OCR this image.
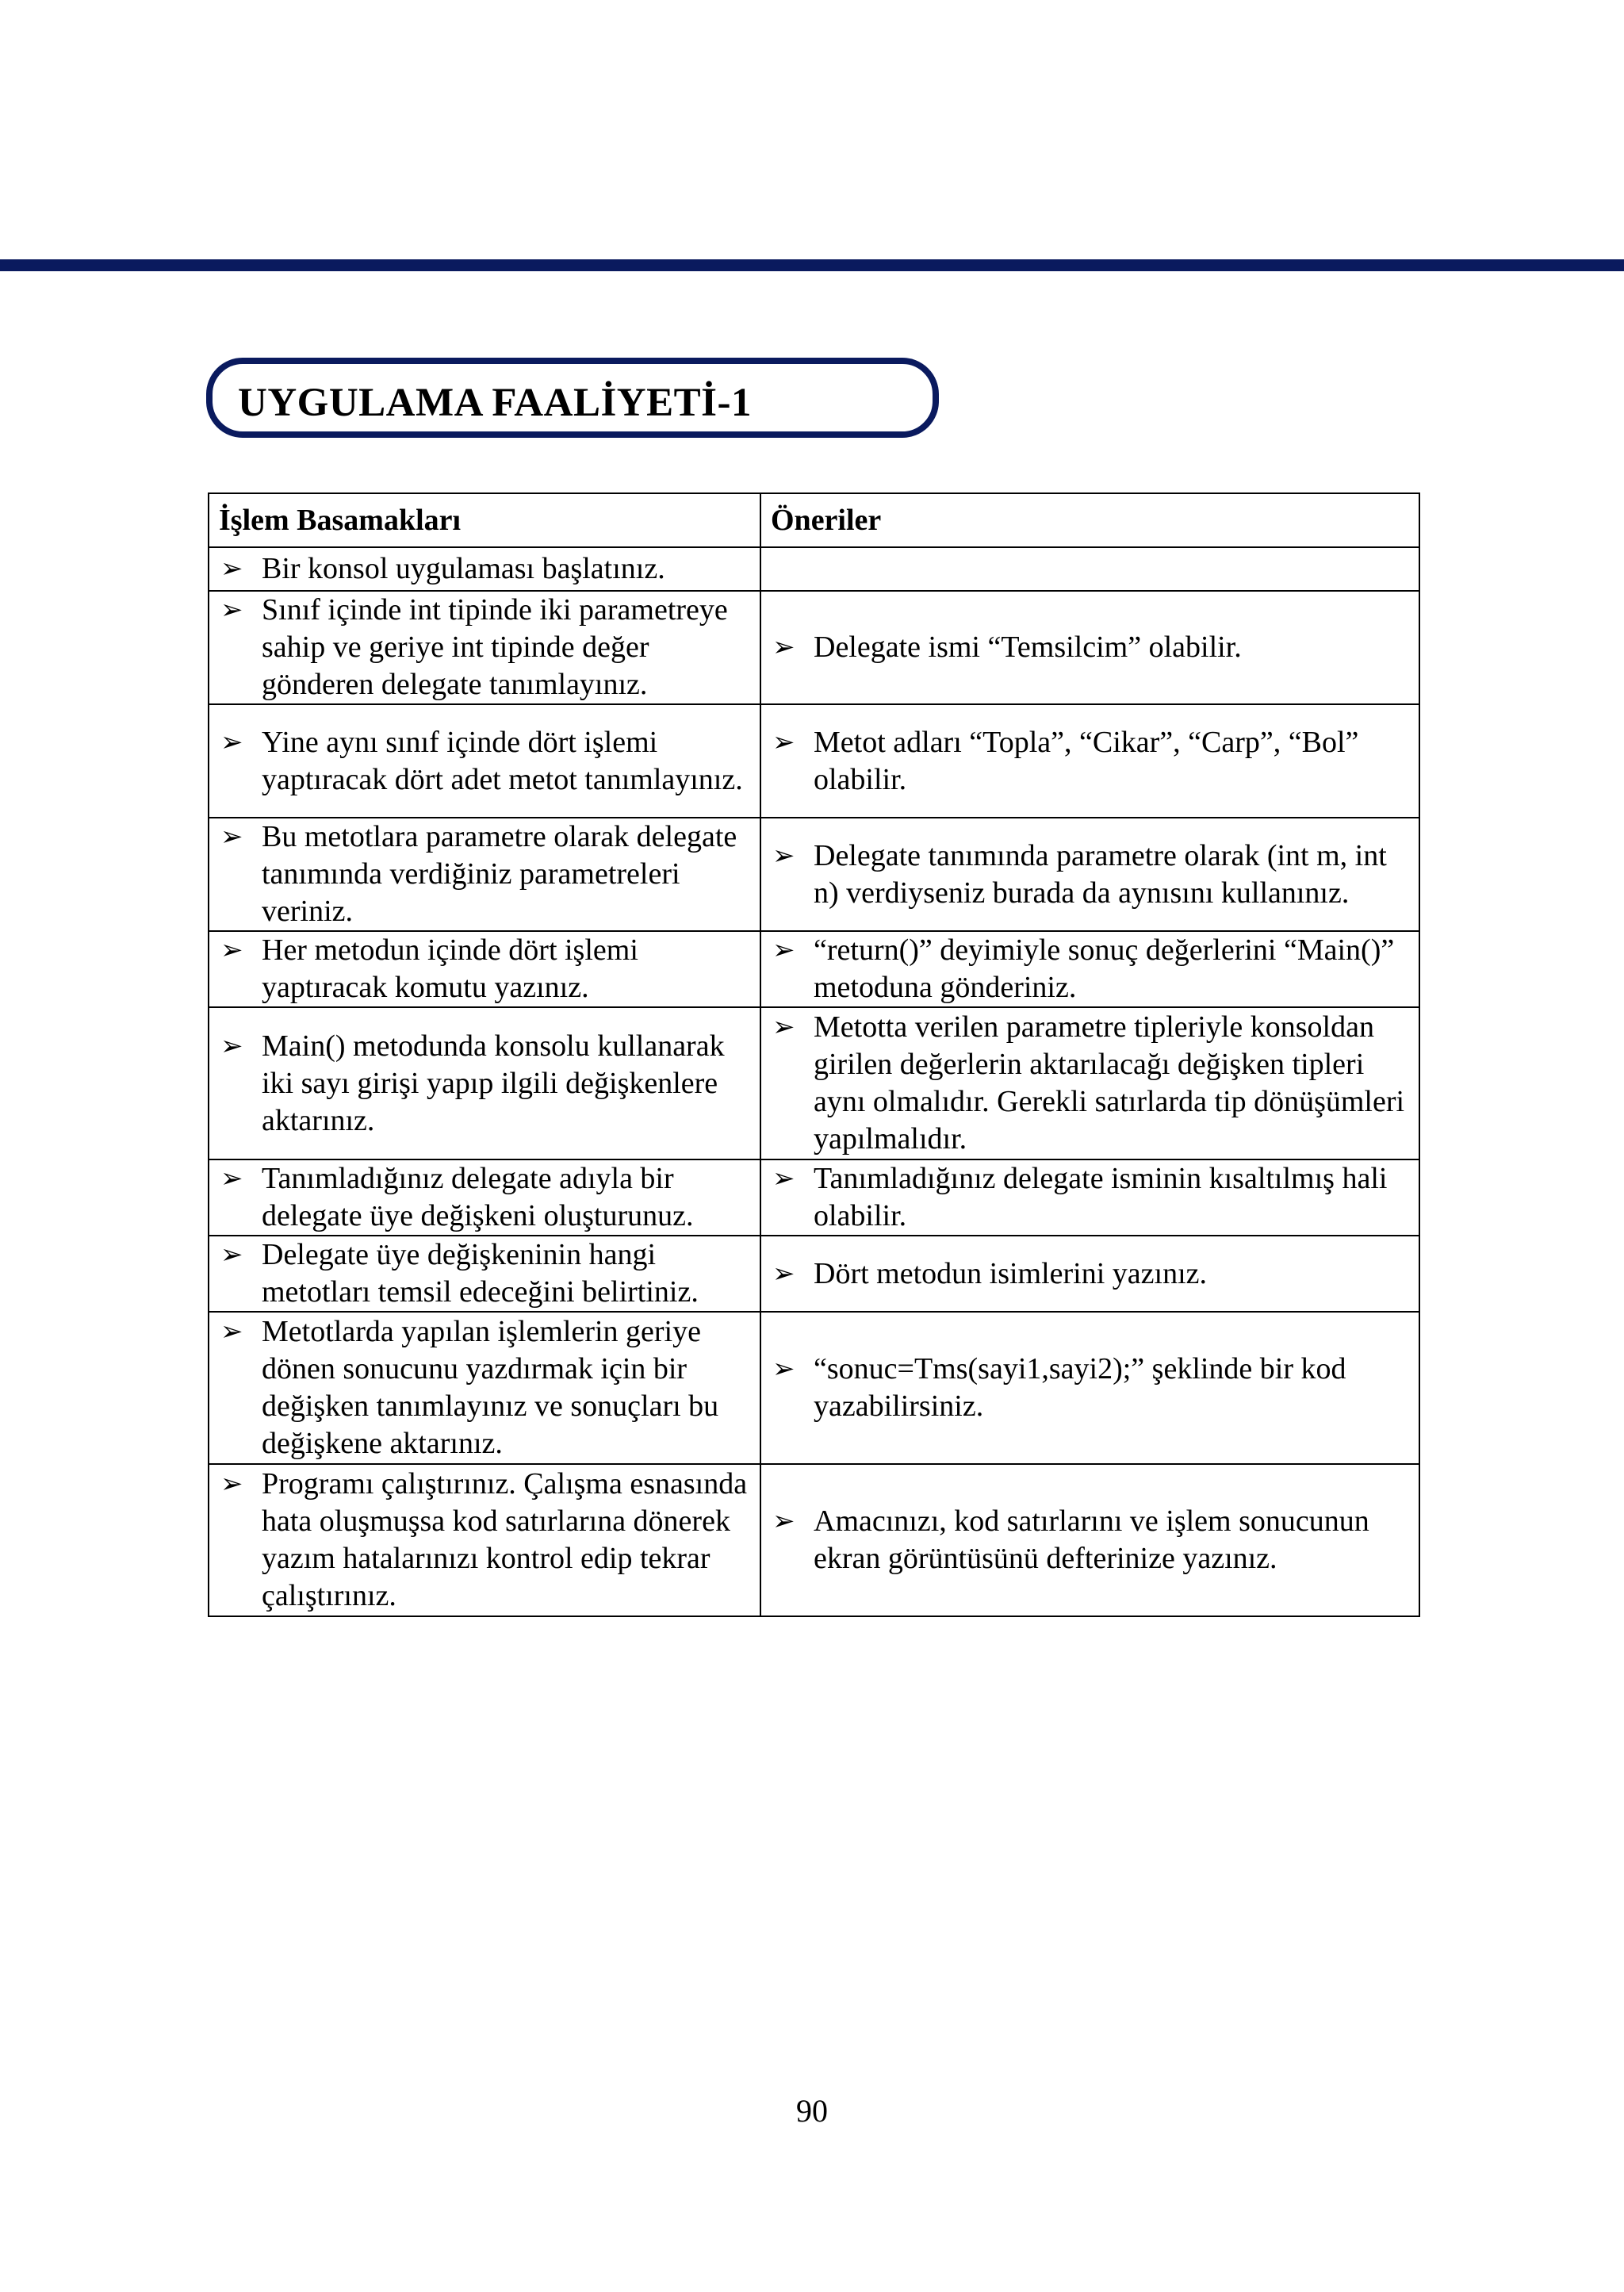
UYGULAMA FAALİYETİ-1
İşlem Basamakları	Öneriler

➢ Bir konsol uygulaması başlatınız.	

➢ Sınıf içinde int tipinde iki parametreye sahip ve geriye int tipinde değer gönderen delegate tanımlayınız.	➢ Delegate ismi “Temsilcim” olabilir.

➢ Yine aynı sınıf içinde dört işlemi yaptıracak dört adet metot tanımlayınız.	➢ Metot adları “Topla”, “Cikar”, “Carp”, “Bol” olabilir.

➢ Bu metotlara parametre olarak delegate tanımında verdiğiniz parametreleri veriniz.	➢ Delegate tanımında parametre olarak (int m, int n) verdiyseniz burada da aynısını kullanınız.

➢ Her metodun içinde dört işlemi yaptıracak komutu yazınız.	➢ “return()” deyimiyle sonuç değerlerini “Main()” metoduna gönderiniz.

➢ Main() metodunda konsolu kullanarak iki sayı girişi yapıp ilgili değişkenlere aktarınız.	➢ Metotta verilen parametre tipleriyle konsoldan girilen değerlerin aktarılacağı değişken tipleri aynı olmalıdır. Gerekli satırlarda tip dönüşümleri yapılmalıdır.

➢ Tanımladığınız delegate adıyla bir delegate üye değişkeni oluşturunuz.	➢ Tanımladığınız delegate isminin kısaltılmış hali olabilir.

➢ Delegate üye değişkeninin hangi metotları temsil edeceğini belirtiniz.	➢ Dört metodun isimlerini yazınız.

➢ Metotlarda yapılan işlemlerin geriye dönen sonucunu yazdırmak için bir değişken tanımlayınız ve sonuçları bu değişkene aktarınız.	➢ “sonuc=Tms(sayi1,sayi2);” şeklinde bir kod yazabilirsiniz.

➢ Programı çalıştırınız. Çalışma esnasında hata oluşmuşsa kod satırlarına dönerek yazım hatalarınızı kontrol edip tekrar çalıştırınız.	➢ Amacınızı, kod satırlarını ve işlem sonucunun ekran görüntüsünü defterinize yazınız.
90
